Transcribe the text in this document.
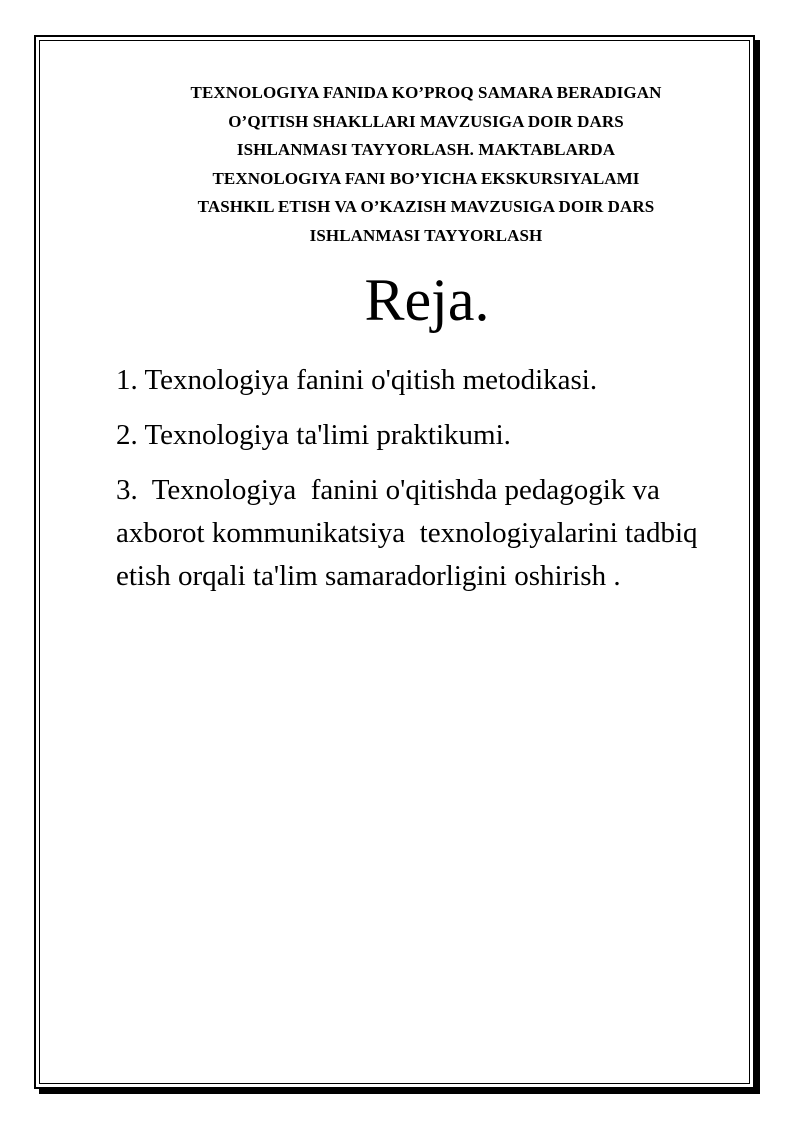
TEXNOLOGIYA FANIDA KO’PROQ SAMARA BERADIGAN
O’QITISH SHAKLLARI MAVZUSIGA DOIR DARS
ISHLANMASI TAYYORLASH. MAKTABLARDA
TEXNOLOGIYA FANI BO’YICHA EKSKURSIYALAMI
TASHKIL ETISH VA O’KAZISH MAVZUSIGA DOIR DARS
ISHLANMASI TAYYORLASH
Reja.
1. Texnologiya fanini o'qitish metodikasi.
2. Texnologiya ta'limi praktikumi.
3.  Texnologiya  fanini o'qitishda pedagogik va axborot kommunikatsiya  texnologiyalarini tadbiq etish orqali ta'lim samaradorligini oshirish .
